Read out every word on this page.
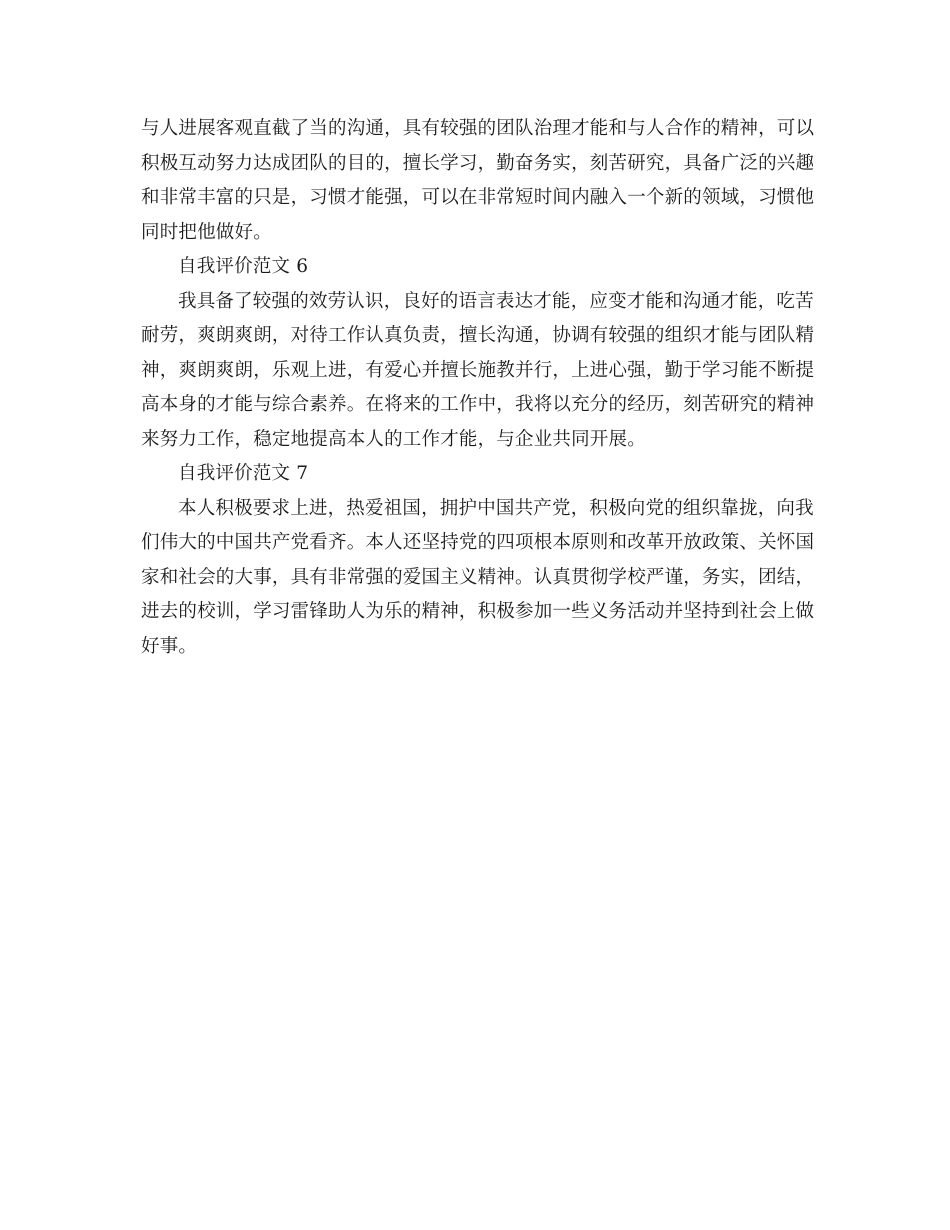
与人进展客观直截了当的沟通，具有较强的团队治理才能和与人合作的精神，可以
积极互动努力达成团队的目的，擅长学习，勤奋务实，刻苦研究，具备广泛的兴趣
和非常丰富的只是，习惯才能强，可以在非常短时间内融入一个新的领域，习惯他
同时把他做好。
自我评价范文 6
我具备了较强的效劳认识，良好的语言表达才能，应变才能和沟通才能，吃苦
耐劳，爽朗爽朗，对待工作认真负责，擅长沟通，协调有较强的组织才能与团队精
神，爽朗爽朗，乐观上进，有爱心并擅长施教并行，上进心强，勤于学习能不断提
高本身的才能与综合素养。在将来的工作中，我将以充分的经历，刻苦研究的精神
来努力工作，稳定地提高本人的工作才能，与企业共同开展。
自我评价范文 7
本人积极要求上进，热爱祖国，拥护中国共产党，积极向党的组织靠拢，向我
们伟大的中国共产党看齐。本人还坚持党的四项根本原则和改革开放政策、关怀国
家和社会的大事，具有非常强的爱国主义精神。认真贯彻学校严谨，务实，团结，
进去的校训，学习雷锋助人为乐的精神，积极参加一些义务活动并坚持到社会上做
好事。
